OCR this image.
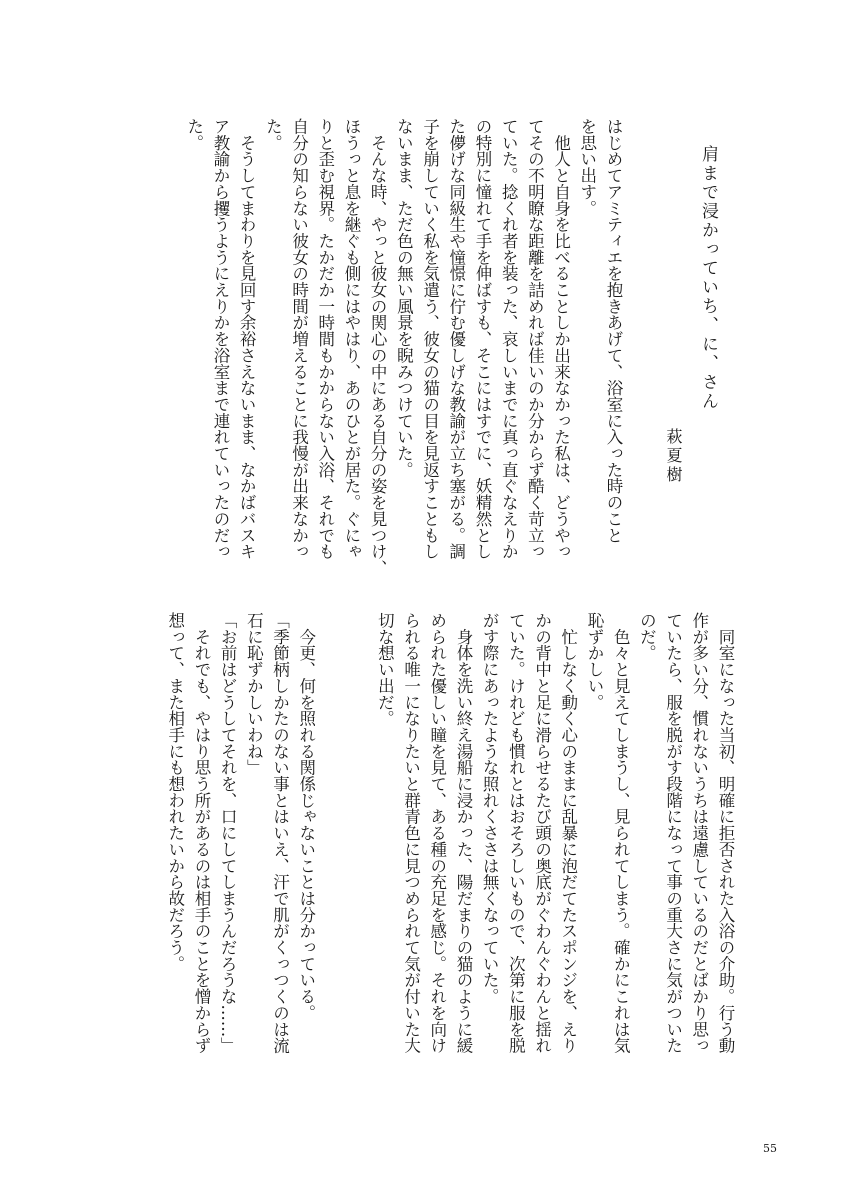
肩まで浸かっていち、に、さん

萩夏樹

はじめてアミティエを抱きあげて、浴室に入った時のこと
を思い出す。
　他人と自身を比べることしか出来なかった私は、どうやっ
てその不明瞭な距離を詰めれば佳いのか分からず酷く苛立っ
ていた。捻くれ者を装った、哀しいまでに真っ直ぐなえりか
の特別に憧れて手を伸ばすも、そこにはすでに、妖精然とし
た儚げな同級生や憧憬に佇む優しげな教諭が立ち塞がる。調
子を崩していく私を気遣う、彼女の猫の目を見返すこともし
ないまま、ただ色の無い風景を睨みつけていた。
　そんな時、やっと彼女の関心の中にある自分の姿を見つけ、
ほうっと息を継ぐも側にはやはり、あのひとが居た。ぐにゃ
りと歪む視界。たかだか一時間もかからない入浴、それでも
自分の知らない彼女の時間が増えることに我慢が出来なかっ
た。
　そうしてまわりを見回す余裕さえないまま、なかばバスキ
ア教諭から攫うようにえりかを浴室まで連れていったのだっ
た。

　同室になった当初、明確に拒否された入浴の介助。行う動
作が多い分、慣れないうちは遠慮しているのだとばかり思っ
ていたら、服を脱がす段階になって事の重大さに気がついた
のだ。
　色々と見えてしまうし、見られてしまう。確かにこれは気
恥ずかしい。
　忙しなく動く心のままに乱暴に泡だてたスポンジを、えり
かの背中と足に滑らせるたび頭の奥底がぐわんぐわんと揺れ
ていた。けれども慣れとはおそろしいもので、次第に服を脱
がす際にあったような照れくささは無くなっていた。
　身体を洗い終え湯船に浸かった、陽だまりの猫のように緩
められた優しい瞳を見て、ある種の充足を感じ。それを向け
られる唯一になりたいと群青色に見つめられて気が付いた大
切な想い出だ。

　今更、何を照れる関係じゃないことは分かっている。
「季節柄しかたのない事とはいえ、汗で肌がくっつくのは流
石に恥ずかしいわね」
「お前はどうしてそれを、口にしてしまうんだろうな……」
　それでも、やはり思う所があるのは相手のことを憎からず
想って、また相手にも想われたいから故だろう。

55
